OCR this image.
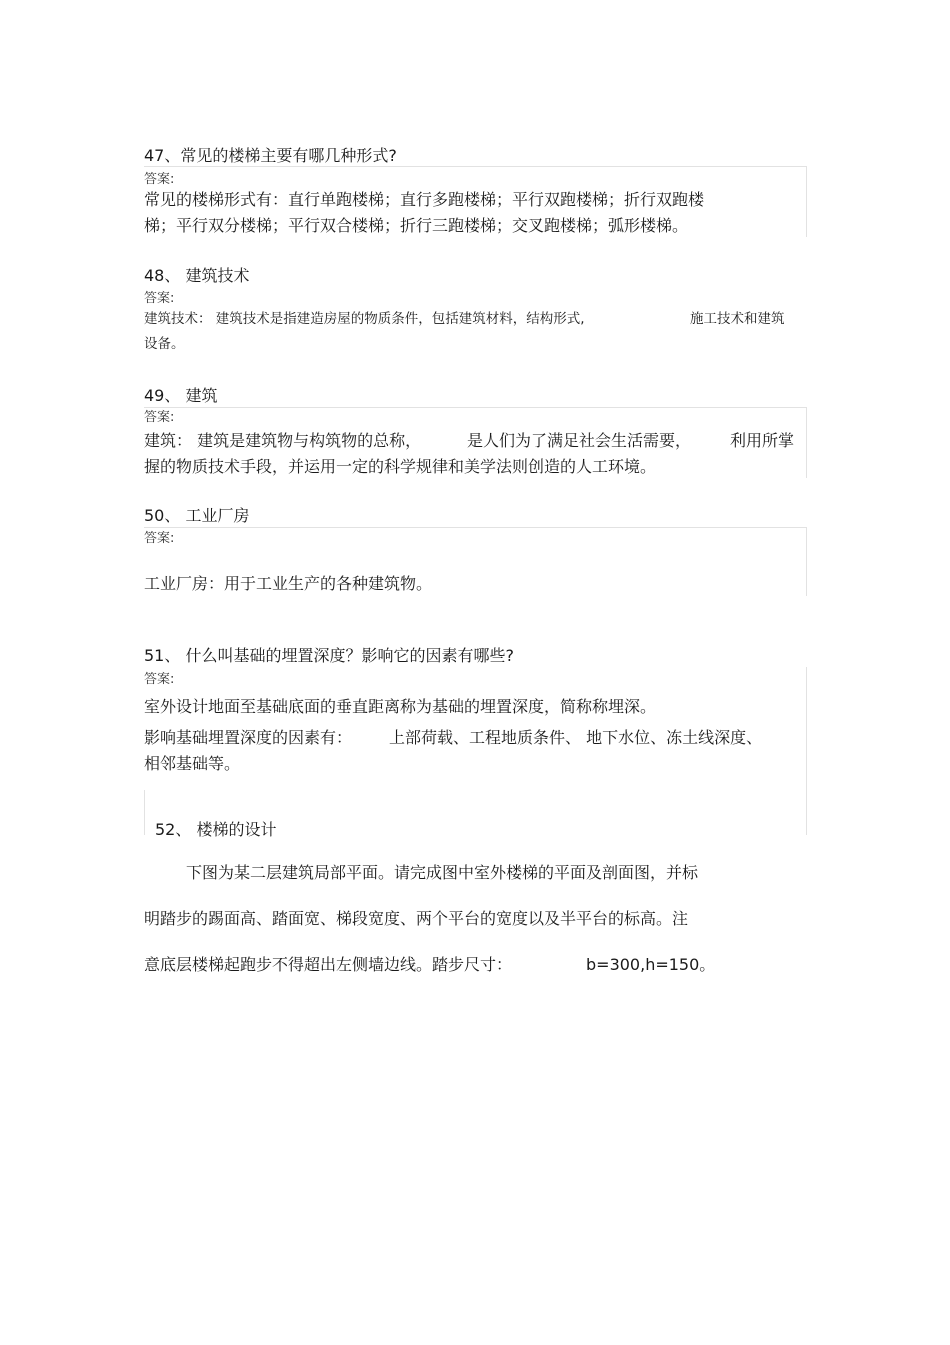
47、常见的楼梯主要有哪几种形式?
答案:
常见的楼梯形式有：直行单跑楼梯；直行多跑楼梯；平行双跑楼梯；折行双跑楼
梯；平行双分楼梯；平行双合楼梯；折行三跑楼梯；交叉跑楼梯；弧形楼梯。
48、 建筑技术
答案:
建筑技术： 建筑技术是指建造房屋的物质条件，包括建筑材料，结构形式,	施工技术和建筑
设备。
49、 建筑
答案:
建筑： 建筑是建筑物与构筑物的总称，	是人们为了满足社会生活需要， 利用所掌
握的物质技术手段，并运用一定的科学规律和美学法则创造的人工环境。
50、 工业厂房
答案:
工业厂房：用于工业生产的各种建筑物。
51、 什么叫基础的埋置深度？影响它的因素有哪些?
答案:
室外设计地面至基础底面的垂直距离称为基础的埋置深度，简称称埋深。
影响基础埋置深度的因素有： 上部荷载、工程地质条件、 地下水位、冻土线深度、
相邻基础等。
52、 楼梯的设计
下图为某二层建筑局部平面。请完成图中室外楼梯的平面及剖面图，并标
明踏步的踢面高、踏面宽、梯段宽度、两个平台的宽度以及半平台的标高。注
意底层楼梯起跑步不得超出左侧墙边线。踏步尺寸：	b=300,h=150。
